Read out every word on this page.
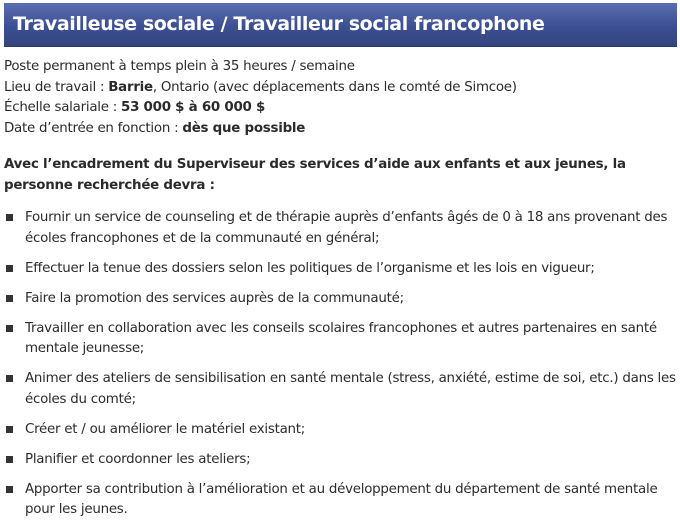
Travailleuse sociale / Travailleur social francophone
Poste permanent à temps plein à 35 heures / semaine
Lieu de travail : Barrie, Ontario (avec déplacements dans le comté de Simcoe)
Échelle salariale : 53 000 $ à 60 000 $
Date d’entrée en fonction : dès que possible
Avec l’encadrement du Superviseur des services d’aide aux enfants et aux jeunes, la personne recherchée devra :
Fournir un service de counseling et de thérapie auprès d’enfants âgés de 0 à 18 ans provenant des écoles francophones et de la communauté en général;
Effectuer la tenue des dossiers selon les politiques de l’organisme et les lois en vigueur;
Faire la promotion des services auprès de la communauté;
Travailler en collaboration avec les conseils scolaires francophones et autres partenaires en santé mentale jeunesse;
Animer des ateliers de sensibilisation en santé mentale (stress, anxiété, estime de soi, etc.) dans les écoles du comté;
Créer et / ou améliorer le matériel existant;
Planifier et coordonner les ateliers;
Apporter sa contribution à l’amélioration et au développement du département de santé mentale pour les jeunes.
